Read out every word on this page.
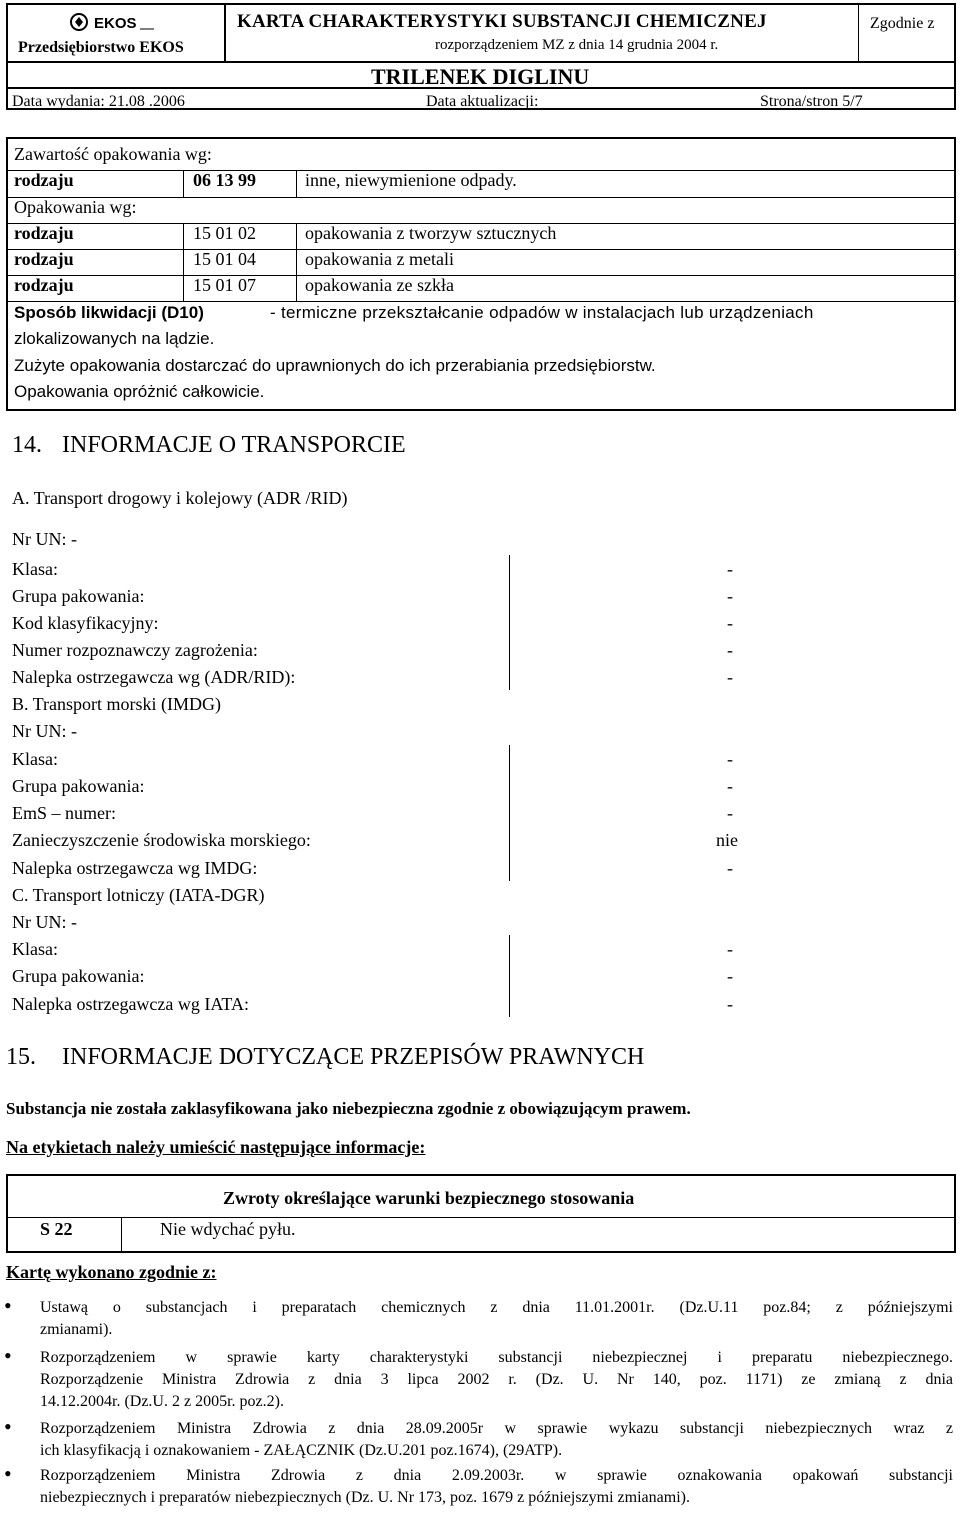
EKOS
Przedsiębiorstwo EKOS
KARTA CHARAKTERYSTYKI SUBSTANCJI CHEMICZNEJ	Zgodnie z
rozporządzeniem MZ z dnia 14 grudnia 2004 r.
TRILENEK DIGLINU
Data wydania: 21.08 .2006	Data aktualizacji:	Strona/stron 5/7
Zawartość opakowania wg:
rodzaju	06 13 99	inne, niewymienione odpady.
Opakowania wg:
rodzaju	15 01 02	opakowania z tworzyw sztucznych
rodzaju	15 01 04	opakowania z metali
rodzaju	15 01 07	opakowania ze szkła
Sposób likwidacji (D10)	- termiczne przekształcanie odpadów w instalacjach lub urządzeniach
zlokalizowanych na lądzie.
Zużyte opakowania dostarczać do uprawnionych do ich przerabiania przedsiębiorstw.
Opakowania opróżnić całkowicie.
14. INFORMACJE O TRANSPORCIE
A. Transport drogowy i kolejowy (ADR /RID)
Nr UN: -
Klasa:	-
Grupa pakowania:	-
Kod klasyfikacyjny:	-
Numer rozpoznawczy zagrożenia:	-
Nalepka ostrzegawcza wg (ADR/RID):	-
B. Transport morski (IMDG)
Nr UN: -
Klasa:	-
Grupa pakowania:	-
EmS – numer:	-
Zanieczyszczenie środowiska morskiego:	nie
Nalepka ostrzegawcza wg IMDG:	-
C. Transport lotniczy (IATA-DGR)
Nr UN: -
Klasa:	-
Grupa pakowania:	-
Nalepka ostrzegawcza wg IATA:	-
15. INFORMACJE DOTYCZĄCE PRZEPISÓW PRAWNYCH
Substancja nie została zaklasyfikowana jako niebezpieczna zgodnie z obowiązującym prawem.
Na etykietach należy umieścić następujące informacje:
Zwroty określające warunki bezpiecznego stosowania
S 22	Nie wdychać pyłu.
Kartę wykonano zgodnie z:
• Ustawą o substancjach i preparatach chemicznych z dnia 11.01.2001r. (Dz.U.11 poz.84; z późniejszymi
zmianami).
• Rozporządzeniem w sprawie karty charakterystyki substancji niebezpiecznej i preparatu niebezpiecznego.
Rozporządzenie Ministra Zdrowia z dnia 3 lipca 2002 r. (Dz. U. Nr 140, poz. 1171) ze zmianą z dnia
14.12.2004r. (Dz.U. 2 z 2005r. poz.2).
• Rozporządzeniem Ministra Zdrowia z dnia 28.09.2005r w sprawie wykazu substancji niebezpiecznych wraz z
ich klasyfikacją i oznakowaniem - ZAŁĄCZNIK (Dz.U.201 poz.1674), (29ATP).
• Rozporządzeniem Ministra Zdrowia z dnia 2.09.2003r. w sprawie oznakowania opakowań substancji
niebezpiecznych i preparatów niebezpiecznych (Dz. U. Nr 173, poz. 1679 z późniejszymi zmianami).
